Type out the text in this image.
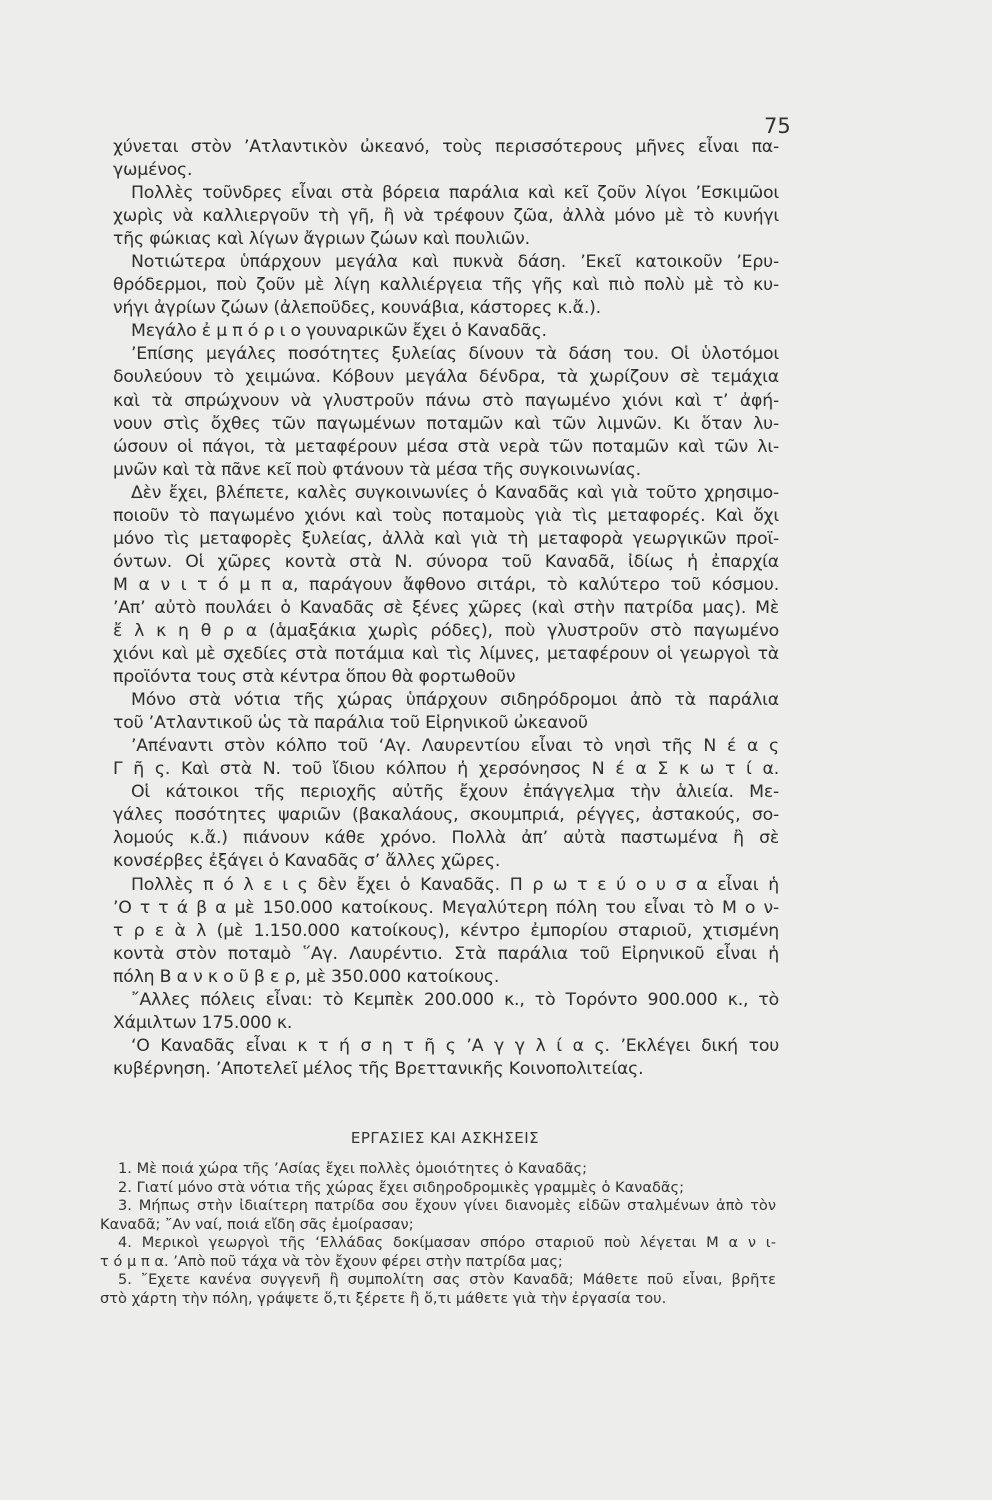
75
χύνεται στὸν ’Ατλαντικὸν ὠκεανό, τοὺς περισσότερους μῆνες εἶναι πα-
γωμένος.
Πολλὲς τοῦνδρες εἶναι στὰ βόρεια παράλια καὶ κεῖ ζοῦν λίγοι ’Εσκιμῶοι
χωρὶς νὰ καλλιεργοῦν τὴ γῆ, ἢ νὰ τρέφουν ζῶα, ἀλλὰ μόνο μὲ τὸ κυνήγι
τῆς φώκιας καὶ λίγων ἄγριων ζώων καὶ πουλιῶν.
Νοτιώτερα ὑπάρχουν μεγάλα καὶ πυκνὰ δάση. ’Εκεῖ κατοικοῦν ’Ερυ-
θρόδερμοι, ποὺ ζοῦν μὲ λίγη καλλιέργεια τῆς γῆς καὶ πιὸ πολὺ μὲ τὸ κυ-
νήγι ἀγρίων ζώων (ἀλεποῦδες, κουνάβια, κάστορες κ.ἄ.).
Μεγάλο ἐ μ π ό ρ ι ο γουναρικῶν ἔχει ὁ Καναδᾶς.
’Επίσης μεγάλες ποσότητες ξυλείας δίνουν τὰ δάση του. Οἱ ὑλοτόμοι
δουλεύουν τὸ χειμώνα. Κόβουν μεγάλα δένδρα, τὰ χωρίζουν σὲ τεμάχια
καὶ τὰ σπρώχνουν νὰ γλυστροῦν πάνω στὸ παγωμένο χιόνι καὶ τ’ ἀφή-
νουν στὶς ὄχθες τῶν παγωμένων ποταμῶν καὶ τῶν λιμνῶν. Κι ὅταν λυ-
ώσουν οἱ πάγοι, τὰ μεταφέρουν μέσα στὰ νερὰ τῶν ποταμῶν καὶ τῶν λι-
μνῶν καὶ τὰ πᾶνε κεῖ ποὺ φτάνουν τὰ μέσα τῆς συγκοινωνίας.
Δὲν ἔχει, βλέπετε, καλὲς συγκοινωνίες ὁ Καναδᾶς καὶ γιὰ τοῦτο χρησιμο-
ποιοῦν τὸ παγωμένο χιόνι καὶ τοὺς ποταμοὺς γιὰ τὶς μεταφορές. Καὶ ὄχι
μόνο τὶς μεταφορὲς ξυλείας, ἀλλὰ καὶ γιὰ τὴ μεταφορὰ γεωργικῶν προϊ-
όντων. Οἱ χῶρες κοντὰ στὰ Ν. σύνορα τοῦ Καναδᾶ, ἰδίως ἡ ἐπαρχία
Μ α ν ι τ ό μ π α, παράγουν ἄφθονο σιτάρι, τὸ καλύτερο τοῦ κόσμου.
’Απ’ αὐτὸ πουλάει ὁ Καναδᾶς σὲ ξένες χῶρες (καὶ στὴν πατρίδα μας). Μὲ
ἔ λ κ η θ ρ α (ἁμαξάκια χωρὶς ρόδες), ποὺ γλυστροῦν στὸ παγωμένο
χιόνι καὶ μὲ σχεδίες στὰ ποτάμια καὶ τὶς λίμνες, μεταφέρουν οἱ γεωργοὶ τὰ
προϊόντα τους στὰ κέντρα ὅπου θὰ φορτωθοῦν
Μόνο στὰ νότια τῆς χώρας ὑπάρχουν σιδηρόδρομοι ἀπὸ τὰ παράλια
τοῦ ’Ατλαντικοῦ ὡς τὰ παράλια τοῦ Εἰρηνικοῦ ὠκεανοῦ
’Απέναντι στὸν κόλπο τοῦ ‘Αγ. Λαυρεντίου εἶναι τὸ νησὶ τῆς Ν έ α ς
Γ ῆ ς. Καὶ στὰ Ν. τοῦ ἴδιου κόλπου ἡ χερσόνησος Ν έ α Σ κ ω τ ί α.
Οἱ κάτοικοι τῆς περιοχῆς αὐτῆς ἔχουν ἐπάγγελμα τὴν ἁλιεία. Με-
γάλες ποσότητες ψαριῶν (βακαλάους, σκουμπριά, ρέγγες, ἀστακούς, σο-
λομούς κ.ἄ.) πιάνουν κάθε χρόνο. Πολλὰ ἀπ’ αὐτὰ παστωμένα ἢ σὲ
κονσέρβες ἐξάγει ὁ Καναδᾶς σ’ ἄλλες χῶρες.
Πολλὲς π ό λ ε ι ς δὲν ἔχει ὁ Καναδᾶς. Π ρ ω τ ε ύ ο υ σ α εἶναι ἡ
’Ο τ τ ά β α μὲ 150.000 κατοίκους. Μεγαλύτερη πόλη του εἶναι τὸ Μ ο ν-
τ ρ ε ὰ λ (μὲ 1.150.000 κατοίκους), κέντρο ἐμπορίου σταριοῦ, χτισμένη
κοντὰ στὸν ποταμὸ ῞Αγ. Λαυρέντιο. Στὰ παράλια τοῦ Εἰρηνικοῦ εἶναι ἡ
πόλη Β α ν κ ο ῦ β ε ρ, μὲ 350.000 κατοίκους.
῎Αλλες πόλεις εἶναι: τὸ Κεμπὲκ 200.000 κ., τὸ Τορόντο 900.000 κ., τὸ
Χάμιλτων 175.000 κ.
‘Ο Καναδᾶς εἶναι κ τ ή σ η τ ῆ ς ’Α γ γ λ ί α ς. ’Εκλέγει δική του
κυβέρνηση. ’Αποτελεῖ μέλος τῆς Βρεττανικῆς Κοινοπολιτείας.
ΕΡΓΑΣΙΕΣ ΚΑΙ ΑΣΚΗΣΕΙΣ
1. Μὲ ποιά χώρα τῆς ’Ασίας ἔχει πολλὲς ὁμοιότητες ὁ Καναδᾶς;
2. Γιατί μόνο στὰ νότια τῆς χώρας ἔχει σιδηροδρομικὲς γραμμὲς ὁ Καναδᾶς;
3. Μήπως στὴν ἰδιαίτερη πατρίδα σου ἔχουν γίνει διανομὲς εἰδῶν σταλμένων ἀπὸ τὸν
Καναδᾶ; ῎Αν ναί, ποιά εἴδη σᾶς ἐμοίρασαν;
4. Μερικοὶ γεωργοὶ τῆς ‘Ελλάδας δοκίμασαν σπόρο σταριοῦ ποὺ λέγεται Μ α ν ι-
τ ό μ π α. ’Απὸ ποῦ τάχα νὰ τὸν ἔχουν φέρει στὴν πατρίδα μας;
5. ῎Εχετε κανένα συγγενῆ ἢ συμπολίτη σας στὸν Καναδᾶ; Μάθετε ποῦ εἶναι, βρῆτε
στὸ χάρτη τὴν πόλη, γράψετε ὅ,τι ξέρετε ἢ ὅ,τι μάθετε γιὰ τὴν ἐργασία του.
